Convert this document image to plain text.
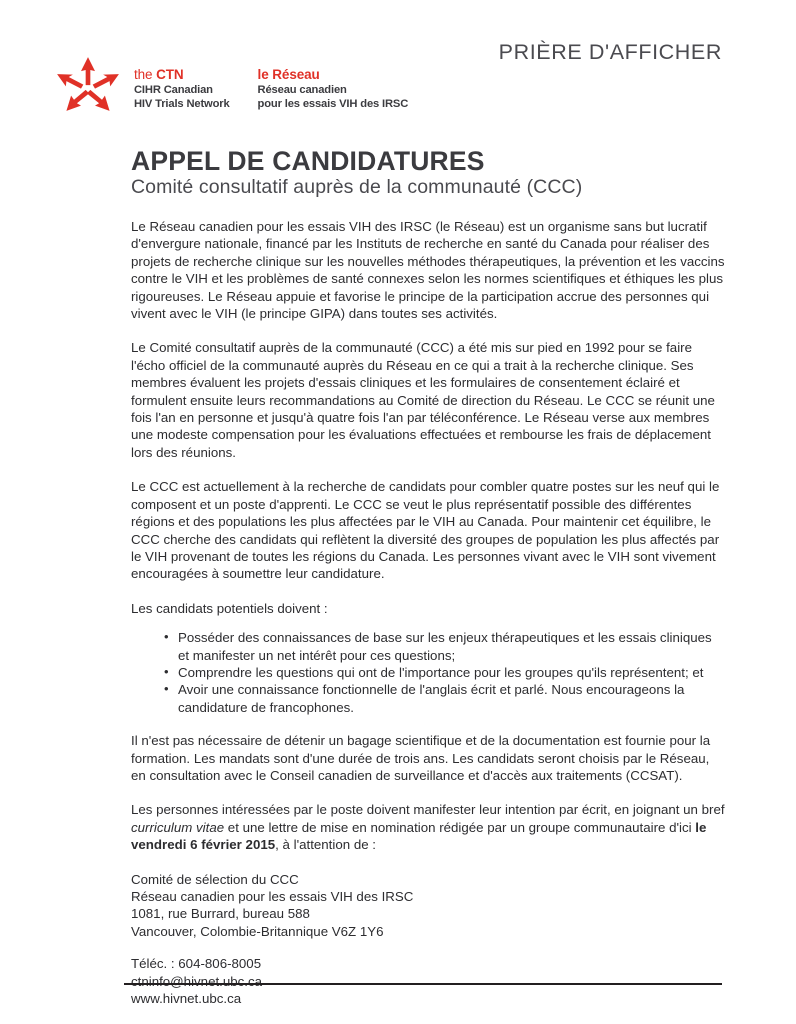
PRIÈRE D'AFFICHER
the CTN
CIHR Canadian
HIV Trials Network
le Réseau
Réseau canadien
pour les essais VIH des IRSC
APPEL DE CANDIDATURES
Comité consultatif auprès de la communauté (CCC)

Le Réseau canadien pour les essais VIH des IRSC (le Réseau) est un organisme sans but lucratif d'envergure nationale, financé par les Instituts de recherche en santé du Canada pour réaliser des projets de recherche clinique sur les nouvelles méthodes thérapeutiques, la prévention et les vaccins contre le VIH et les problèmes de santé connexes selon les normes scientifiques et éthiques les plus rigoureuses. Le Réseau appuie et favorise le principe de la participation accrue des personnes qui vivent avec le VIH (le principe GIPA) dans toutes ses activités.

Le Comité consultatif auprès de la communauté (CCC) a été mis sur pied en 1992 pour se faire l'écho officiel de la communauté auprès du Réseau en ce qui a trait à la recherche clinique. Ses membres évaluent les projets d'essais cliniques et les formulaires de consentement éclairé et formulent ensuite leurs recommandations au Comité de direction du Réseau. Le CCC se réunit une fois l'an en personne et jusqu'à quatre fois l'an par téléconférence. Le Réseau verse aux membres une modeste compensation pour les évaluations effectuées et rembourse les frais de déplacement lors des réunions.

Le CCC est actuellement à la recherche de candidats pour combler quatre postes sur les neuf qui le composent et un poste d'apprenti. Le CCC se veut le plus représentatif possible des différentes régions et des populations les plus affectées par le VIH au Canada. Pour maintenir cet équilibre, le CCC cherche des candidats qui reflètent la diversité des groupes de population les plus affectés par le VIH provenant de toutes les régions du Canada. Les personnes vivant avec le VIH sont vivement encouragées à soumettre leur candidature.

Les candidats potentiels doivent :

• Posséder des connaissances de base sur les enjeux thérapeutiques et les essais cliniques et manifester un net intérêt pour ces questions;
• Comprendre les questions qui ont de l'importance pour les groupes qu'ils représentent; et
• Avoir une connaissance fonctionnelle de l'anglais écrit et parlé. Nous encourageons la candidature de francophones.

Il n'est pas nécessaire de détenir un bagage scientifique et de la documentation est fournie pour la formation. Les mandats sont d'une durée de trois ans. Les candidats seront choisis par le Réseau, en consultation avec le Conseil canadien de surveillance et d'accès aux traitements (CCSAT).

Les personnes intéressées par le poste doivent manifester leur intention par écrit, en joignant un bref curriculum vitae et une lettre de mise en nomination rédigée par un groupe communautaire d'ici le vendredi 6 février 2015, à l'attention de :

Comité de sélection du CCC
Réseau canadien pour les essais VIH des IRSC
1081, rue Burrard, bureau 588
Vancouver, Colombie-Britannique V6Z 1Y6
Téléc. : 604-806-8005
ctninfo@hivnet.ubc.ca
www.hivnet.ubc.ca
